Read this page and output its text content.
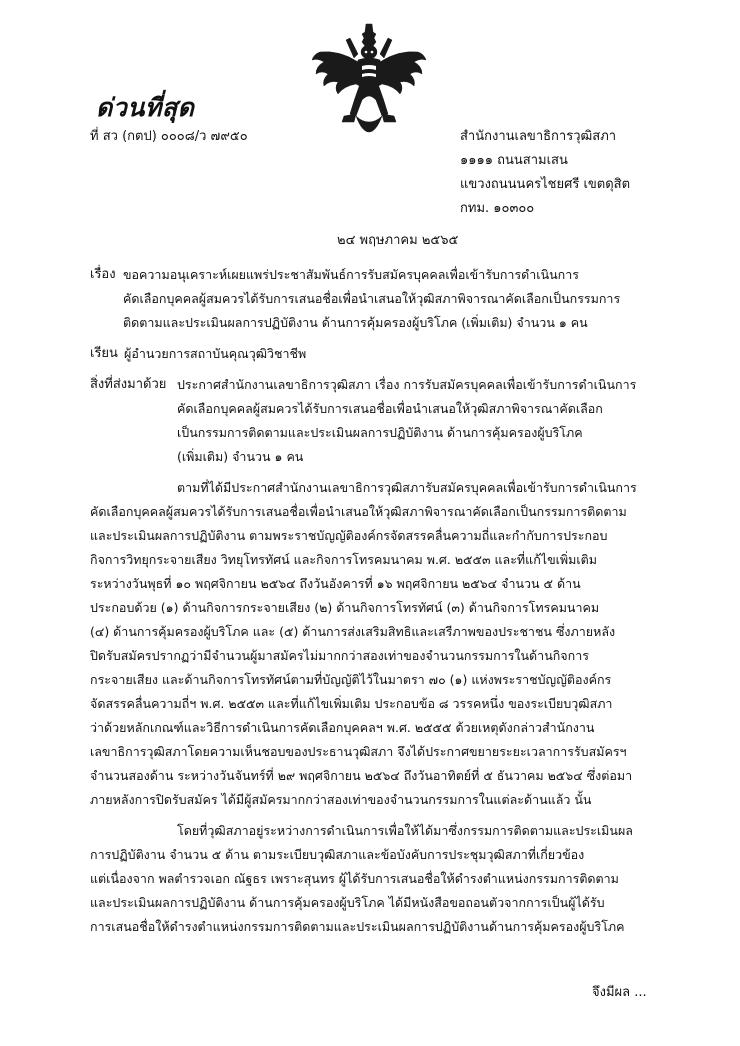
ด่วนที่สุด
ที่ สว (กตป) ๐๐๐๘/ว ๗๙๕๐	สำนักงานเลขาธิการวุฒิสภา
๑๑๑๑ ถนนสามเสน
แขวงถนนนครไชยศรี เขตดุสิต
กทม. ๑๐๓๐๐
๒๔ พฤษภาคม ๒๕๖๕
เรื่อง ขอความอนุเคราะห์เผยแพร่ประชาสัมพันธ์การรับสมัครบุคคลเพื่อเข้ารับการดำเนินการ
คัดเลือกบุคคลผู้สมควรได้รับการเสนอชื่อเพื่อนำเสนอให้วุฒิสภาพิจารณาคัดเลือกเป็นกรรมการ
ติดตามและประเมินผลการปฏิบัติงาน ด้านการคุ้มครองผู้บริโภค (เพิ่มเติม) จำนวน ๑ คน
เรียน ผู้อำนวยการสถาบันคุณวุฒิวิชาชีพ
สิ่งที่ส่งมาด้วย ประกาศสำนักงานเลขาธิการวุฒิสภา เรื่อง การรับสมัครบุคคลเพื่อเข้ารับการดำเนินการ
คัดเลือกบุคคลผู้สมควรได้รับการเสนอชื่อเพื่อนำเสนอให้วุฒิสภาพิจารณาคัดเลือก
เป็นกรรมการติดตามและประเมินผลการปฏิบัติงาน ด้านการคุ้มครองผู้บริโภค
(เพิ่มเติม) จำนวน ๑ คน
ตามที่ได้มีประกาศสำนักงานเลขาธิการวุฒิสภารับสมัครบุคคลเพื่อเข้ารับการดำเนินการ
คัดเลือกบุคคลผู้สมควรได้รับการเสนอชื่อเพื่อนำเสนอให้วุฒิสภาพิจารณาคัดเลือกเป็นกรรมการติดตาม
และประเมินผลการปฏิบัติงาน ตามพระราชบัญญัติองค์กรจัดสรรคลื่นความถี่และกำกับการประกอบ
กิจการวิทยุกระจายเสียง วิทยุโทรทัศน์ และกิจการโทรคมนาคม พ.ศ. ๒๕๕๓ และที่แก้ไขเพิ่มเติม
ระหว่างวันพุธที่ ๑๐ พฤศจิกายน ๒๕๖๔ ถึงวันอังคารที่ ๑๖ พฤศจิกายน ๒๕๖๔ จำนวน ๕ ด้าน
ประกอบด้วย (๑) ด้านกิจการกระจายเสียง (๒) ด้านกิจการโทรทัศน์ (๓) ด้านกิจการโทรคมนาคม
(๔) ด้านการคุ้มครองผู้บริโภค และ (๕) ด้านการส่งเสริมสิทธิและเสรีภาพของประชาชน ซึ่งภายหลัง
ปิดรับสมัครปรากฏว่ามีจำนวนผู้มาสมัครไม่มากกว่าสองเท่าของจำนวนกรรมการในด้านกิจการ
กระจายเสียง และด้านกิจการโทรทัศน์ตามที่บัญญัติไว้ในมาตรา ๗๐ (๑) แห่งพระราชบัญญัติองค์กร
จัดสรรคลื่นความถี่ฯ พ.ศ. ๒๕๕๓ และที่แก้ไขเพิ่มเติม ประกอบข้อ ๘ วรรคหนึ่ง ของระเบียบวุฒิสภา
ว่าด้วยหลักเกณฑ์และวิธีการดำเนินการคัดเลือกบุคคลฯ พ.ศ. ๒๕๕๕ ด้วยเหตุดังกล่าวสำนักงาน
เลขาธิการวุฒิสภาโดยความเห็นชอบของประธานวุฒิสภา จึงได้ประกาศขยายระยะเวลาการรับสมัครฯ
จำนวนสองด้าน ระหว่างวันจันทร์ที่ ๒๙ พฤศจิกายน ๒๕๖๔ ถึงวันอาทิตย์ที่ ๕ ธันวาคม ๒๕๖๔ ซึ่งต่อมา
ภายหลังการปิดรับสมัคร ได้มีผู้สมัครมากกว่าสองเท่าของจำนวนกรรมการในแต่ละด้านแล้ว นั้น
โดยที่วุฒิสภาอยู่ระหว่างการดำเนินการเพื่อให้ได้มาซึ่งกรรมการติดตามและประเมินผล
การปฏิบัติงาน จำนวน ๕ ด้าน ตามระเบียบวุฒิสภาและข้อบังคับการประชุมวุฒิสภาที่เกี่ยวข้อง
แต่เนื่องจาก พลตำรวจเอก ณัฐธร เพราะสุนทร ผู้ได้รับการเสนอชื่อให้ดำรงตำแหน่งกรรมการติดตาม
และประเมินผลการปฏิบัติงาน ด้านการคุ้มครองผู้บริโภค ได้มีหนังสือขอถอนตัวจากการเป็นผู้ได้รับ
การเสนอชื่อให้ดำรงตำแหน่งกรรมการติดตามและประเมินผลการปฏิบัติงานด้านการคุ้มครองผู้บริโภค
จึงมีผล ...
